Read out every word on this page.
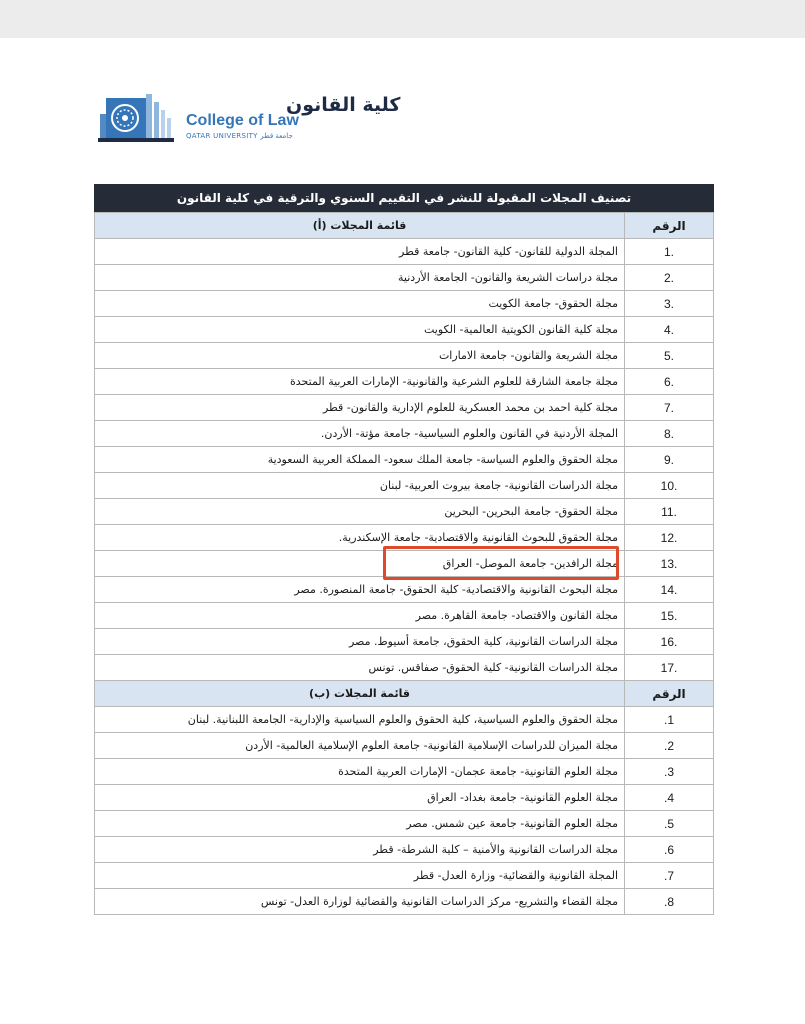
كلية القانون
College of Law
QATAR UNIVERSITY جامعة قطر
تصنيف المجلات المقبولة للنشر في التقييم السنوي والترقية في كلية القانون
قائمة المجلات (أ)	الرقم
المجلة الدولية للقانون- كلية القانون- جامعة قطر	1.
مجلة دراسات الشريعة والقانون- الجامعة الأردنية	2.
مجلة الحقوق- جامعة الكويت	3.
مجلة كلية القانون الكويتية العالمية- الكويت	4.
مجلة الشريعة والقانون- جامعة الامارات	5.
مجلة جامعة الشارقة للعلوم الشرعية والقانونية- الإمارات العربية المتحدة	6.
مجلة كلية احمد بن محمد العسكرية للعلوم الإدارية والقانون- قطر	7.
المجلة الأردنية في القانون والعلوم السياسية- جامعة مؤتة- الأردن.	8.
مجلة الحقوق والعلوم السياسة- جامعة الملك سعود- المملكة العربية السعودية	9.
مجلة الدراسات القانونية- جامعة بيروت العربية- لبنان	10.
مجلة الحقوق- جامعة البحرين- البحرين	11.
مجلة الحقوق للبحوث القانونية والاقتصادية- جامعة الإسكندرية.	12.
مجلة الرافدين- جامعة الموصل- العراق	13.
مجلة البحوث القانونية والاقتصادية- كلية الحقوق- جامعة المنصورة. مصر	14.
مجلة القانون والاقتصاد- جامعة القاهرة. مصر	15.
مجلة الدراسات القانونية، كلية الحقوق، جامعة أسيوط. مصر	16.
مجلة الدراسات القانونية- كلية الحقوق- صفاقس. تونس	17.
قائمة المجلات (ب)	الرقم
مجلة الحقوق والعلوم السياسية، كلية الحقوق والعلوم السياسية والإدارية- الجامعة اللبنانية. لبنان	.1
مجلة الميزان للدراسات الإسلامية القانونية- جامعة العلوم الإسلامية العالمية- الأردن	.2
مجلة العلوم القانونية- جامعة عجمان- الإمارات العربية المتحدة	.3
مجلة العلوم القانونية- جامعة بغداد- العراق	.4
مجلة العلوم القانونية- جامعة عين شمس. مصر	.5
مجلة الدراسات القانونية والأمنية – كلية الشرطة- قطر	.6
المجلة القانونية والقضائية- وزارة العدل- قطر	.7
مجلة القضاء والتشريع- مركز الدراسات القانونية والقضائية لوزارة العدل- تونس	.8
